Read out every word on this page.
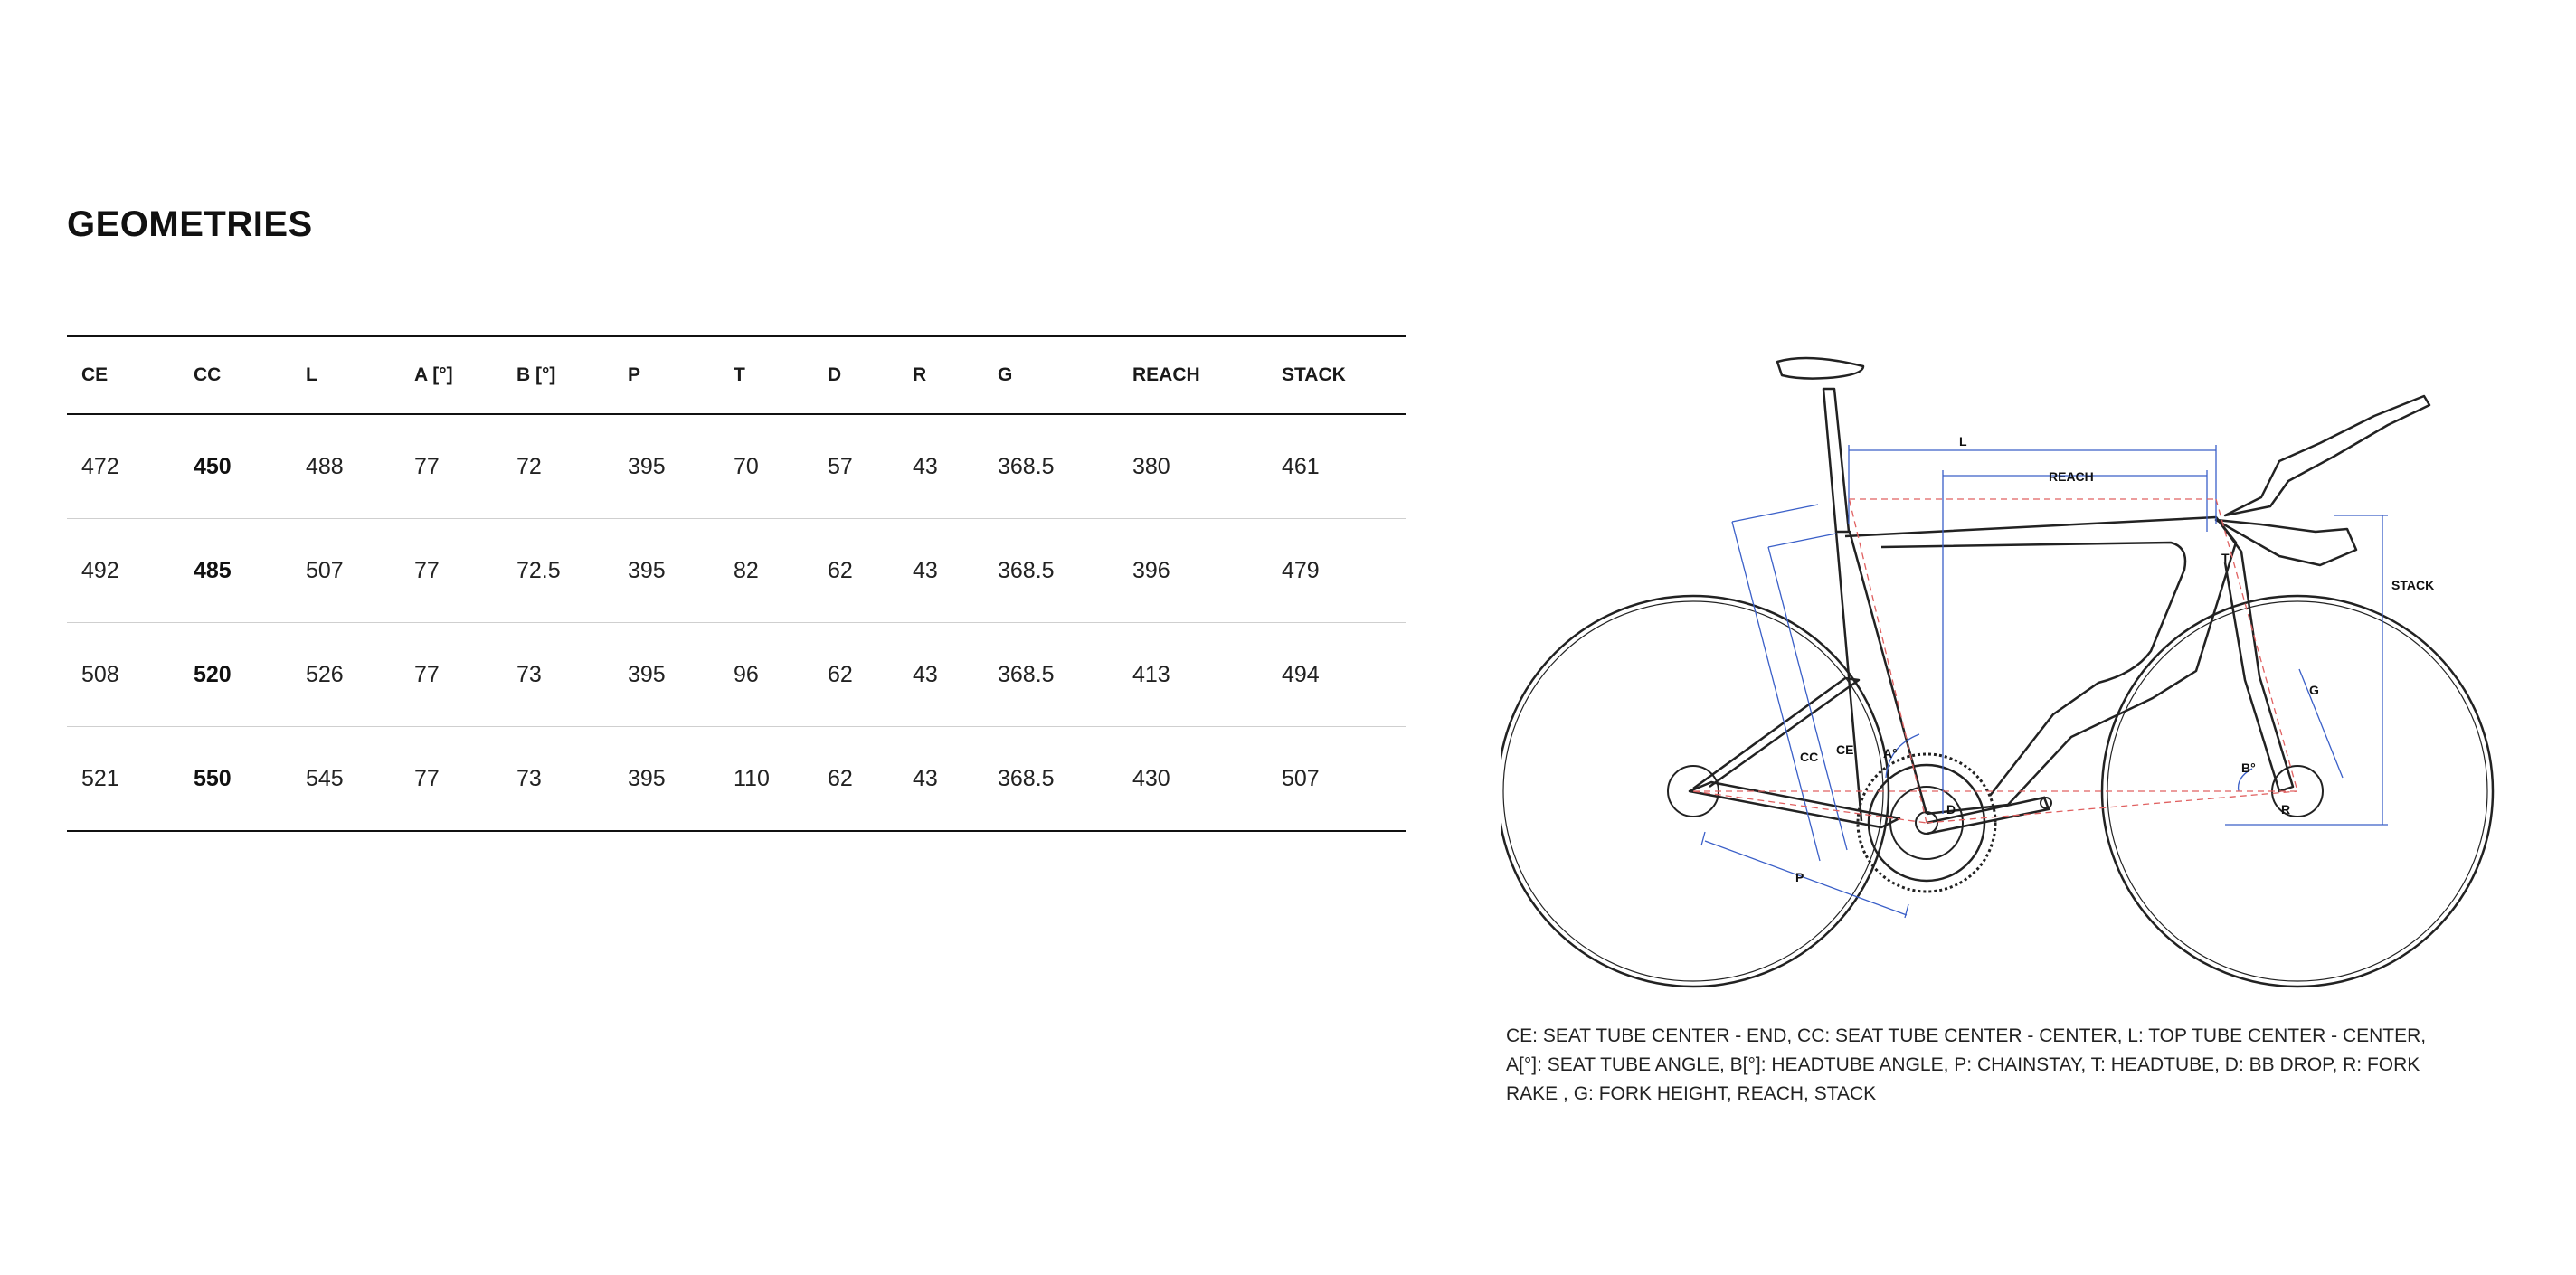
GEOMETRIES
CE	CC	L	A [°]	B [°]	P	T	D	R	G	REACH	STACK
472	450	488	77	72	395	70	57	43	368.5	380	461
492	485	507	77	72.5	395	82	62	43	368.5	396	479
508	520	526	77	73	395	96	62	43	368.5	413	494
521	550	545	77	73	395	110	62	43	368.5	430	507
L
REACH
T
STACK
G
CC CE A°
B°
D	R
P

CE: SEAT TUBE CENTER - END, CC: SEAT TUBE CENTER - CENTER, L: TOP TUBE CENTER - CENTER, A[°]: SEAT TUBE ANGLE, B[°]: HEADTUBE ANGLE, P: CHAINSTAY, T: HEADTUBE, D: BB DROP, R: FORK RAKE , G: FORK HEIGHT, REACH, STACK
